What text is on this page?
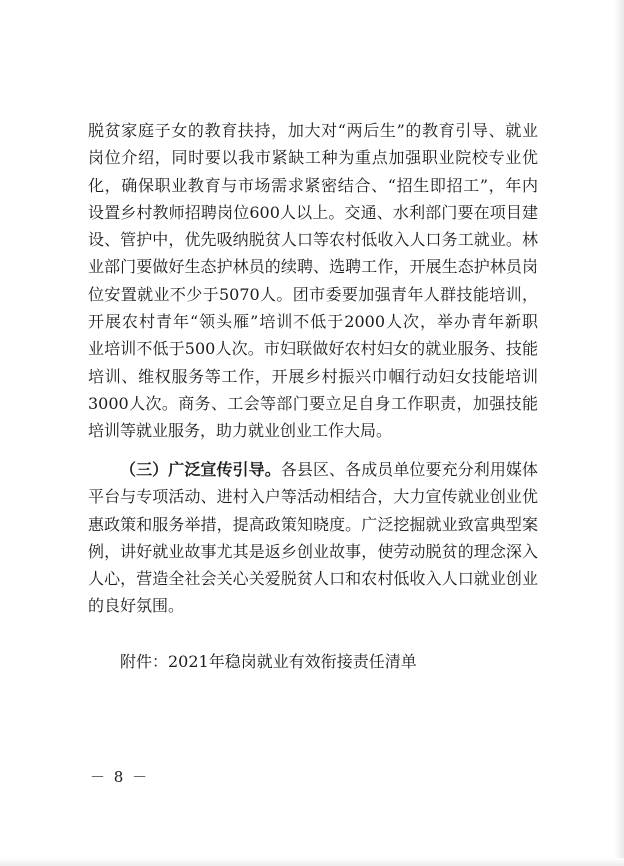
脱贫家庭子女的教育扶持，加大对“两后生”的教育引导、就业
岗位介绍，同时要以我市紧缺工种为重点加强职业院校专业优
化，确保职业教育与市场需求紧密结合、“招生即招工”，年内
设置乡村教师招聘岗位600人以上。交通、水利部门要在项目建
设、管护中，优先吸纳脱贫人口等农村低收入人口务工就业。林
业部门要做好生态护林员的续聘、选聘工作，开展生态护林员岗
位安置就业不少于5070人。团市委要加强青年人群技能培训，
开展农村青年“领头雁”培训不低于2000人次，举办青年新职
业培训不低于500人次。市妇联做好农村妇女的就业服务、技能
培训、维权服务等工作，开展乡村振兴巾帼行动妇女技能培训
3000人次。商务、工会等部门要立足自身工作职责，加强技能
培训等就业服务，助力就业创业工作大局。
（三）广泛宣传引导。各县区、各成员单位要充分利用媒体
平台与专项活动、进村入户等活动相结合，大力宣传就业创业优
惠政策和服务举措，提高政策知晓度。广泛挖掘就业致富典型案
例，讲好就业故事尤其是返乡创业故事，使劳动脱贫的理念深入
人心，营造全社会关心关爱脱贫人口和农村低收入人口就业创业
的良好氛围。
附件：2021年稳岗就业有效衔接责任清单
－ 8 －
